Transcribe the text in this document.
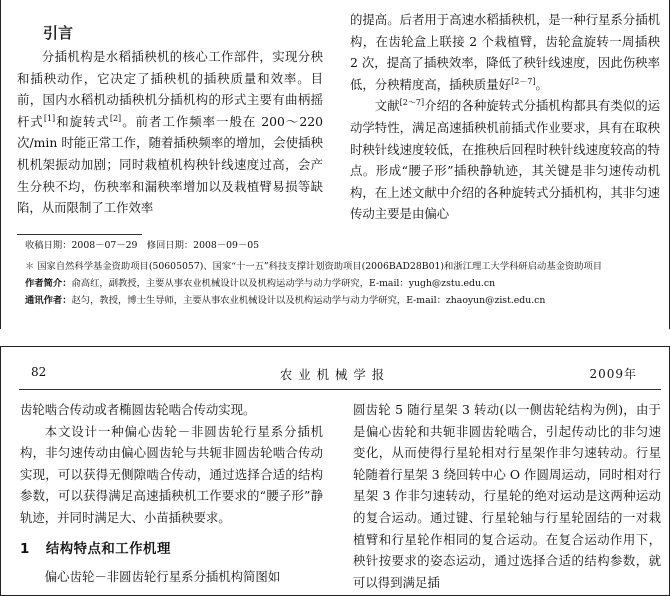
引言

分插机构是水稻插秧机的核心工作部件，实现分秧和插秧动作，它决定了插秧机的插秧质量和效率。目前，国内水稻机动插秧机分插机构的形式主要有曲柄摇杆式[1]和旋转式[2]。前者工作频率一般在 200～220 次/min 时能正常工作，随着插秧频率的增加，会使插秧机机架振动加剧；同时栽植机构秧针线速度过高，会产生分秧不均，伤秧率和漏秧率增加以及栽植臂易损等缺陷，从而限制了工作效率

的提高。后者用于高速水稻插秧机，是一种行星系分插机构，在齿轮盒上联接 2 个栽植臂，齿轮盒旋转一周插秧 2 次，提高了插秧效率，降低了秧针线速度，因此伤秧率低，分秧精度高，插秧质量好[2－7]。

文献[2～7]介绍的各种旋转式分插机构都具有类似的运动学特性，满足高速插秧机前插式作业要求，具有在取秧时秧针线速度较低，在推秧后回程时秧针线速度较高的特点。形成“腰子形”插秧静轨迹，其关键是非匀速传动机构，在上述文献中介绍的各种旋转式分插机构，其非匀速传动主要是由偏心

收稿日期：2008－07－29　修回日期：2008－09－05
＊ 国家自然科学基金资助项目(50605057)、国家“十一五”科技支撑计划资助项目(2006BAD28B01)和浙江理工大学科研启动基金资助项目
作者简介：俞高红，副教授，主要从事农业机械设计以及机构运动学与动力学研究，E-mail：yugh@zstu.edu.cn
通讯作者：赵匀，教授，博士生导师，主要从事农业机械设计以及机构运动学与动力学研究，E-mail：zhaoyun@zist.edu.cn
82	农业机械学报	2009年

齿轮啮合传动或者椭圆齿轮啮合传动实现。

本文设计一种偏心齿轮－非圆齿轮行星系分插机构，非匀速传动由偏心圆齿轮与共轭非圆齿轮啮合传动实现，可以获得无侧隙啮合传动，通过选择合适的结构参数，可以获得满足高速插秧机工作要求的“腰子形”静轨迹，并同时满足大、小苗插秧要求。

1 结构特点和工作机理

偏心齿轮－非圆齿轮行星系分插机构简图如

圆齿轮 5 随行星架 3 转动(以一侧齿轮结构为例)，由于是偏心齿轮和共轭非圆齿轮啮合，引起传动比的非匀速变化，从而使得行星轮相对行星架作非匀速转动。行星轮随着行星架 3 绕回转中心 O 作圆周运动，同时相对行星架 3 作非匀速转动，行星轮的绝对运动是这两种运动的复合运动。通过键、行星轮轴与行星轮固结的一对栽植臂和行星轮作相同的复合运动。在复合运动作用下，秧针按要求的姿态运动，通过选择合适的结构参数，就可以得到满足插
